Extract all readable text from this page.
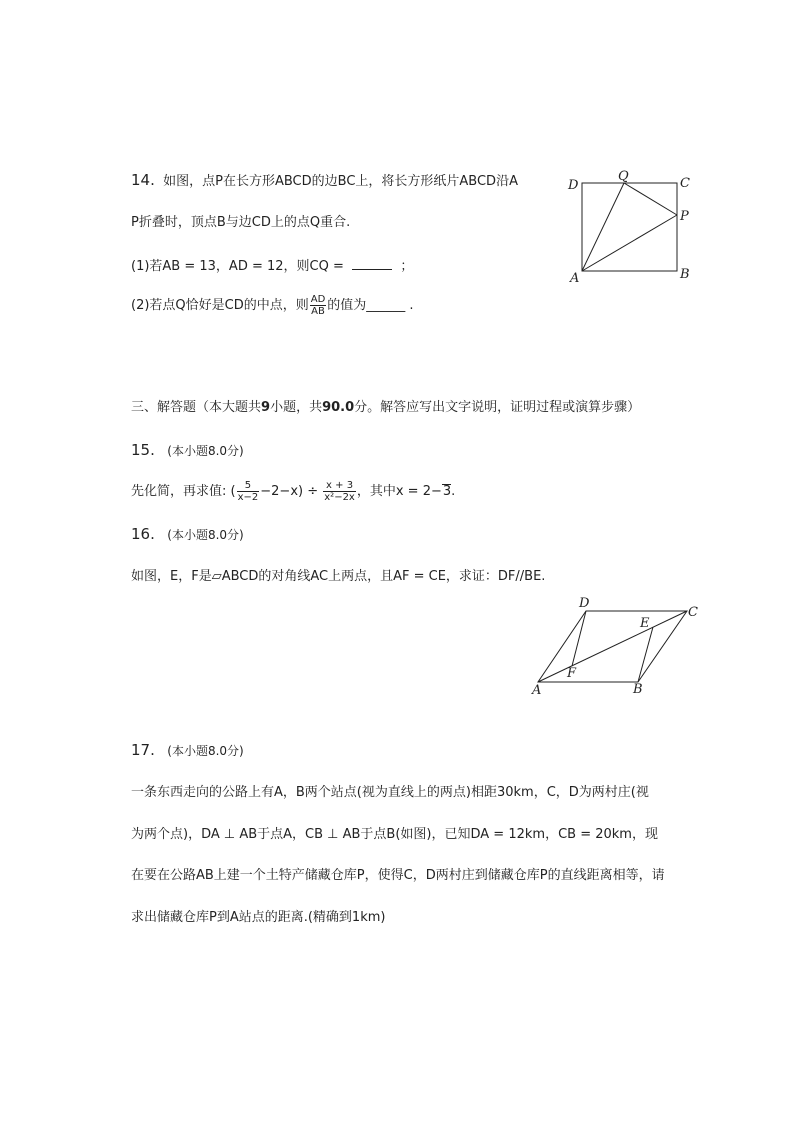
14. 如图，点P在长方形ABCD的边BC上，将长方形纸片ABCD沿A
P折叠时，顶点B与边CD上的点Q重合.
(1)若AB = 13，AD = 12，则CQ =	；
(2)若点Q恰好是CD的中点，则 $\frac{AD}{AB}$ 的值为______ .
D
Q	C
P
A	B
三、解答题（本大题共9小题，共90.0分。解答应写出文字说明，证明过程或演算步骤）
15. (本小题8.0分)
先化简，再求值: ( $\frac{5}{x-2} -2-x) \div \frac{x + 3}{\text{x²−2x}}$ ，其中x = 2−3.
16. (本小题8.0分)
如图，E，F是▱ABCD的对角线AC上两点，且AF = CE，求证：DF//BE.
D
C
E
F
A	B
17. (本小题8.0分)
一条东西走向的公路上有A，B两个站点(视为直线上的两点)相距30km，C，D为两村庄(视
为两个点)，DA ⊥ AB于点A，CB ⊥ AB于点B(如图)，已知DA = 12km，CB = 20km，现
在要在公路AB上建一个土特产储藏仓库P，使得C，D两村庄到储藏仓库P的直线距离相等，请
求出储藏仓库P到A站点的距离.(精确到1km)
